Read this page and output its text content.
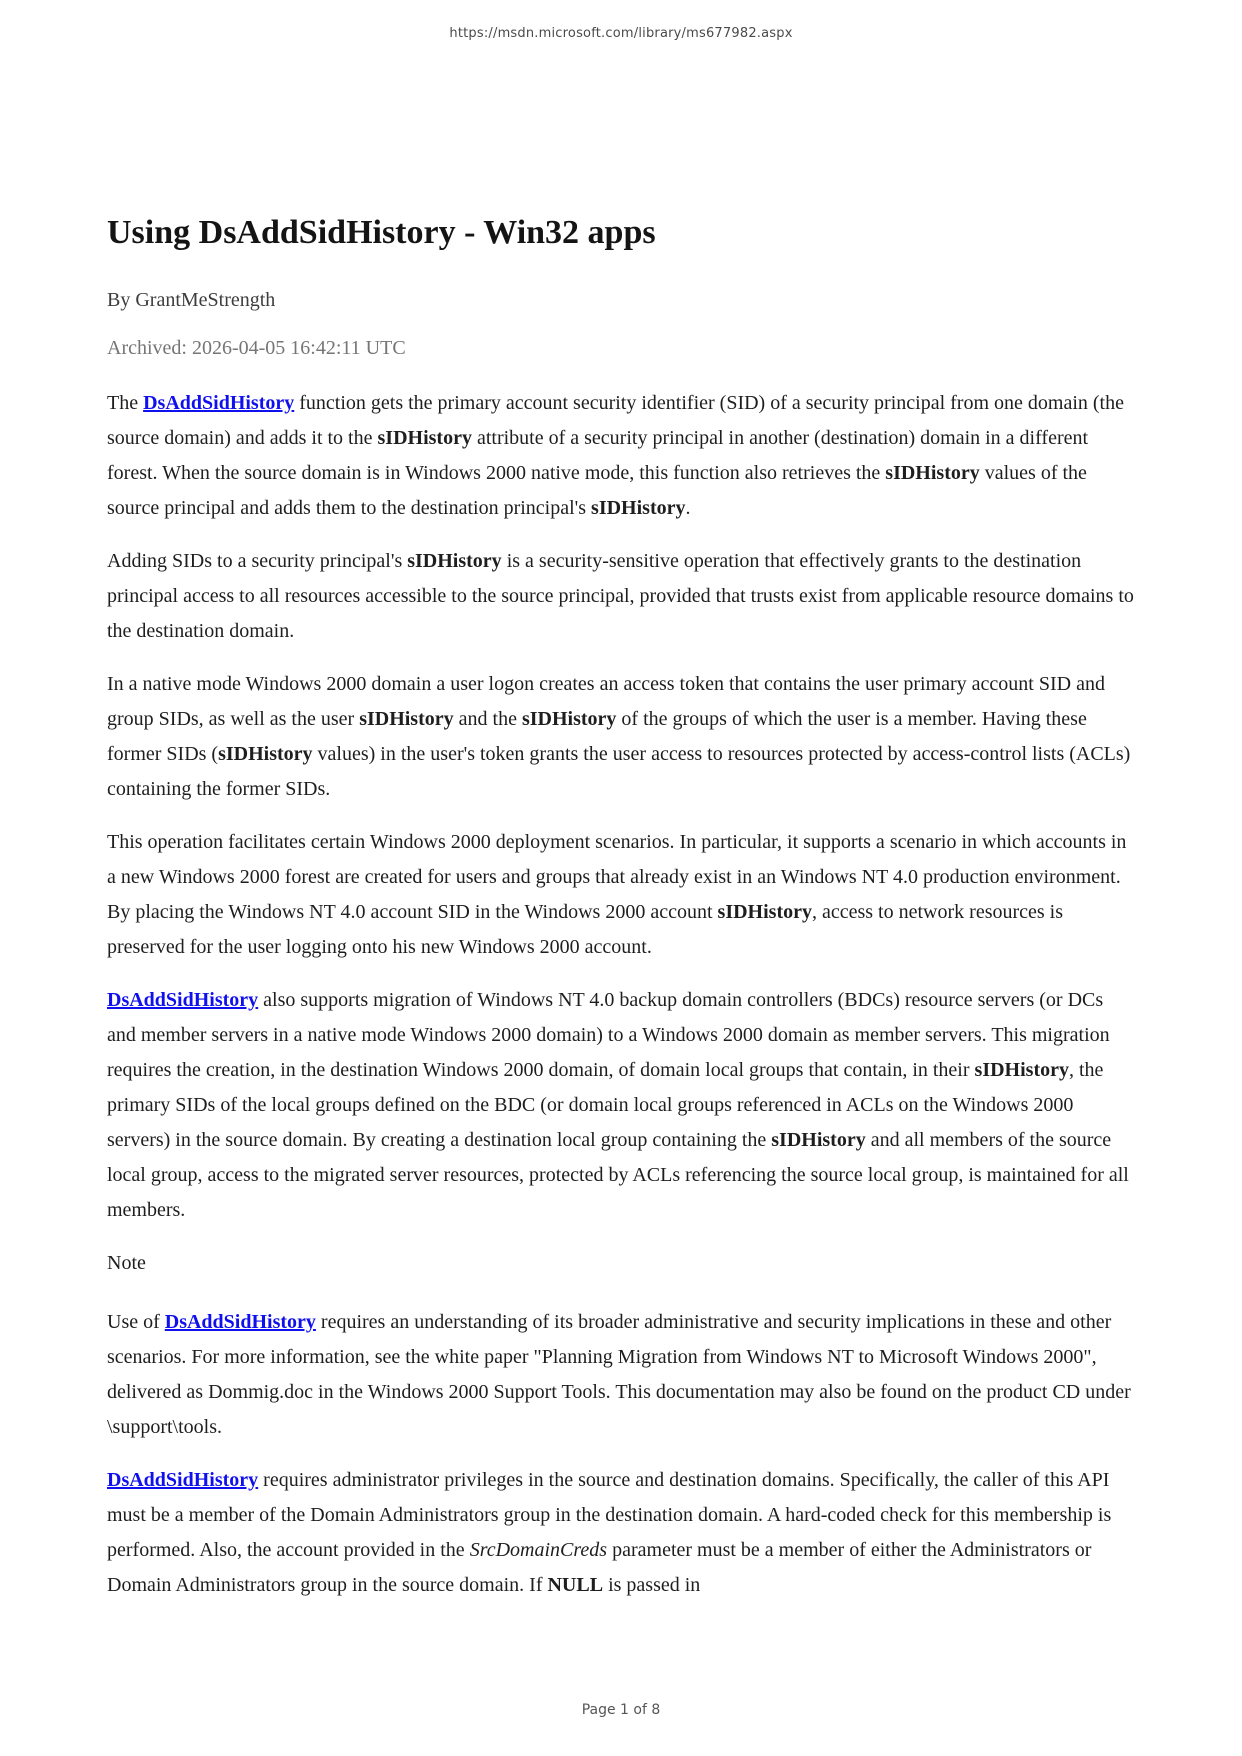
https://msdn.microsoft.com/library/ms677982.aspx
Using DsAddSidHistory - Win32 apps
By GrantMeStrength
Archived: 2026-04-05 16:42:11 UTC

The DsAddSidHistory function gets the primary account security identifier (SID) of a security principal from one domain (the source domain) and adds it to the sIDHistory attribute of a security principal in another (destination) domain in a different forest. When the source domain is in Windows 2000 native mode, this function also retrieves the sIDHistory values of the source principal and adds them to the destination principal's sIDHistory.

Adding SIDs to a security principal's sIDHistory is a security-sensitive operation that effectively grants to the destination principal access to all resources accessible to the source principal, provided that trusts exist from applicable resource domains to the destination domain.

In a native mode Windows 2000 domain a user logon creates an access token that contains the user primary account SID and group SIDs, as well as the user sIDHistory and the sIDHistory of the groups of which the user is a member. Having these former SIDs (sIDHistory values) in the user's token grants the user access to resources protected by access-control lists (ACLs) containing the former SIDs.

This operation facilitates certain Windows 2000 deployment scenarios. In particular, it supports a scenario in which accounts in a new Windows 2000 forest are created for users and groups that already exist in an Windows NT 4.0 production environment. By placing the Windows NT 4.0 account SID in the Windows 2000 account sIDHistory, access to network resources is preserved for the user logging onto his new Windows 2000 account.

DsAddSidHistory also supports migration of Windows NT 4.0 backup domain controllers (BDCs) resource servers (or DCs and member servers in a native mode Windows 2000 domain) to a Windows 2000 domain as member servers. This migration requires the creation, in the destination Windows 2000 domain, of domain local groups that contain, in their sIDHistory, the primary SIDs of the local groups defined on the BDC (or domain local groups referenced in ACLs on the Windows 2000 servers) in the source domain. By creating a destination local group containing the sIDHistory and all members of the source local group, access to the migrated server resources, protected by ACLs referencing the source local group, is maintained for all members.

Note

Use of DsAddSidHistory requires an understanding of its broader administrative and security implications in these and other scenarios. For more information, see the white paper "Planning Migration from Windows NT to Microsoft Windows 2000", delivered as Dommig.doc in the Windows 2000 Support Tools. This documentation may also be found on the product CD under \support\tools.

DsAddSidHistory requires administrator privileges in the source and destination domains. Specifically, the caller of this API must be a member of the Domain Administrators group in the destination domain. A hard-coded check for this membership is performed. Also, the account provided in the SrcDomainCreds parameter must be a member of either the Administrators or Domain Administrators group in the source domain. If NULL is passed in

Page 1 of 8
